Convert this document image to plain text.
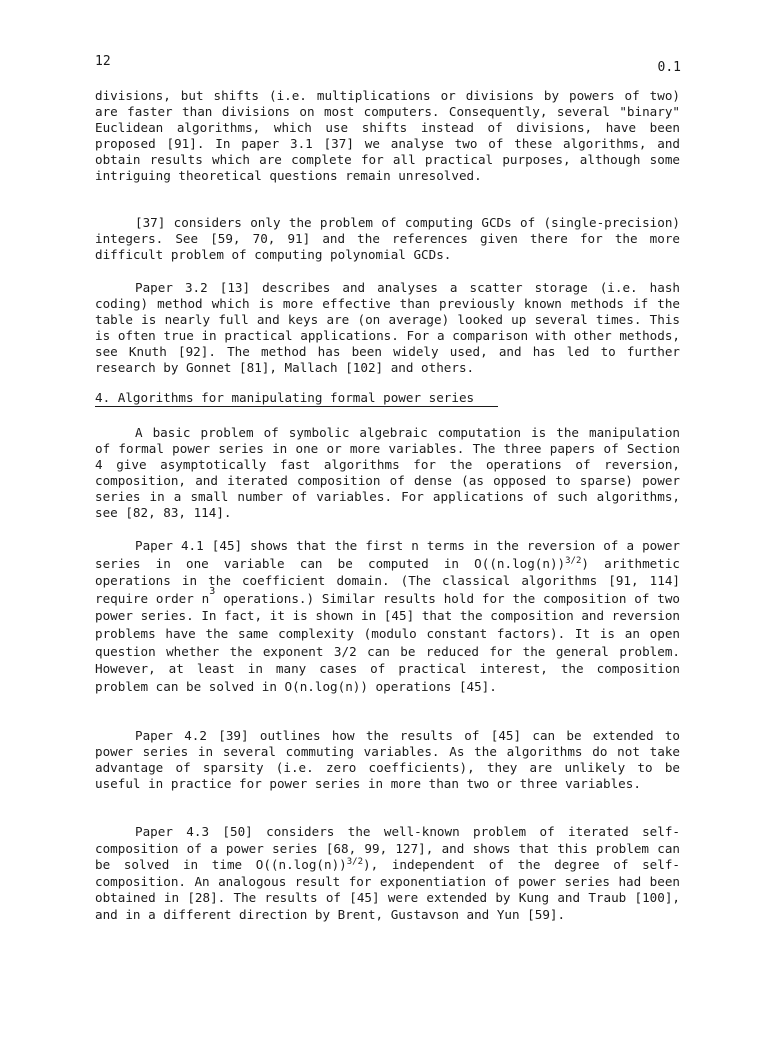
12	0.1
divisions, but shifts (i.e. multiplications or divisions by powers of two) are faster than divisions on most computers. Consequently, several "binary" Euclidean algorithms, which use shifts instead of divisions, have been proposed [91]. In paper 3.1 [37] we analyse two of these algorithms, and obtain results which are complete for all practical purposes, although some intriguing theoretical questions remain unresolved.
[37] considers only the problem of computing GCDs of (single-precision) integers. See [59, 70, 91] and the references given there for the more difficult problem of computing polynomial GCDs.
Paper 3.2 [13] describes and analyses a scatter storage (i.e. hash coding) method which is more effective than previously known methods if the table is nearly full and keys are (on average) looked up several times. This is often true in practical applications. For a comparison with other methods, see Knuth [92]. The method has been widely used, and has led to further research by Gonnet [81], Mallach [102] and others.
4. Algorithms for manipulating formal power series
A basic problem of symbolic algebraic computation is the manipulation of formal power series in one or more variables. The three papers of Section 4 give asymptotically fast algorithms for the operations of reversion, composition, and iterated composition of dense (as opposed to sparse) power series in a small number of variables. For applications of such algorithms, see [82, 83, 114].
Paper 4.1 [45] shows that the first n terms in the reversion of a power series in one variable can be computed in $O((n.\log(n))^{3/2})$ arithmetic operations in the coefficient domain. (The classical algorithms [91, 114] require order $n^3$ operations.) Similar results hold for the composition of two power series. In fact, it is shown in [45] that the composition and reversion problems have the same complexity (modulo constant factors). It is an open question whether the exponent 3/2 can be reduced for the general problem. However, at least in many cases of practical interest, the composition problem can be solved in O(n.log(n)) operations [45].
Paper 4.2 [39] outlines how the results of [45] can be extended to power series in several commuting variables. As the algorithms do not take advantage of sparsity (i.e. zero coefficients), they are unlikely to be useful in practice for power series in more than two or three variables.
Paper 4.3 [50] considers the well-known problem of iterated self-composition of a power series [68, 99, 127], and shows that this problem can be solved in time $O((n.\log(n))^{3/2})$, independent of the degree of self-composition. An analogous result for exponentiation of power series had been obtained in [28]. The results of [45] were extended by Kung and Traub [100], and in a different direction by Brent, Gustavson and Yun [59].
